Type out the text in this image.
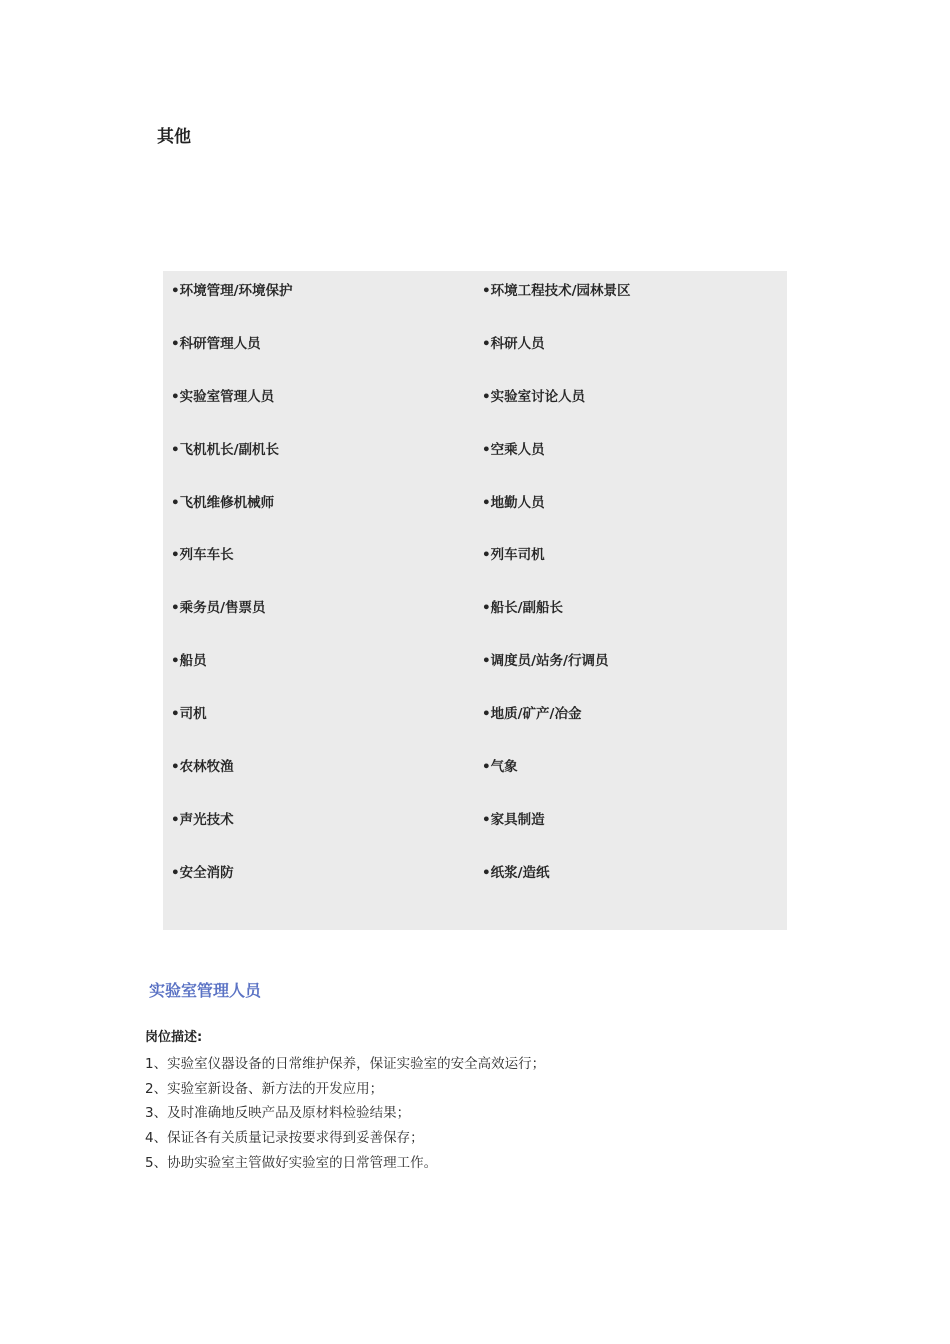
其他
•环境管理/环境保护	•环境工程技术/园林景区
•科研管理人员	•科研人员
•实验室管理人员	•实验室讨论人员
•飞机机长/副机长	•空乘人员
•飞机维修机械师	•地勤人员
•列车车长	•列车司机
•乘务员/售票员	•船长/副船长
•船员	•调度员/站务/行调员
•司机	•地质/矿产/冶金
•农林牧渔	•气象
•声光技术	•家具制造
•安全消防	•纸浆/造纸
实验室管理人员
岗位描述:
1、实验室仪器设备的日常维护保养，保证实验室的安全高效运行；
2、实验室新设备、新方法的开发应用；
3、及时准确地反映产品及原材料检验结果；
4、保证各有关质量记录按要求得到妥善保存；
5、协助实验室主管做好实验室的日常管理工作。
